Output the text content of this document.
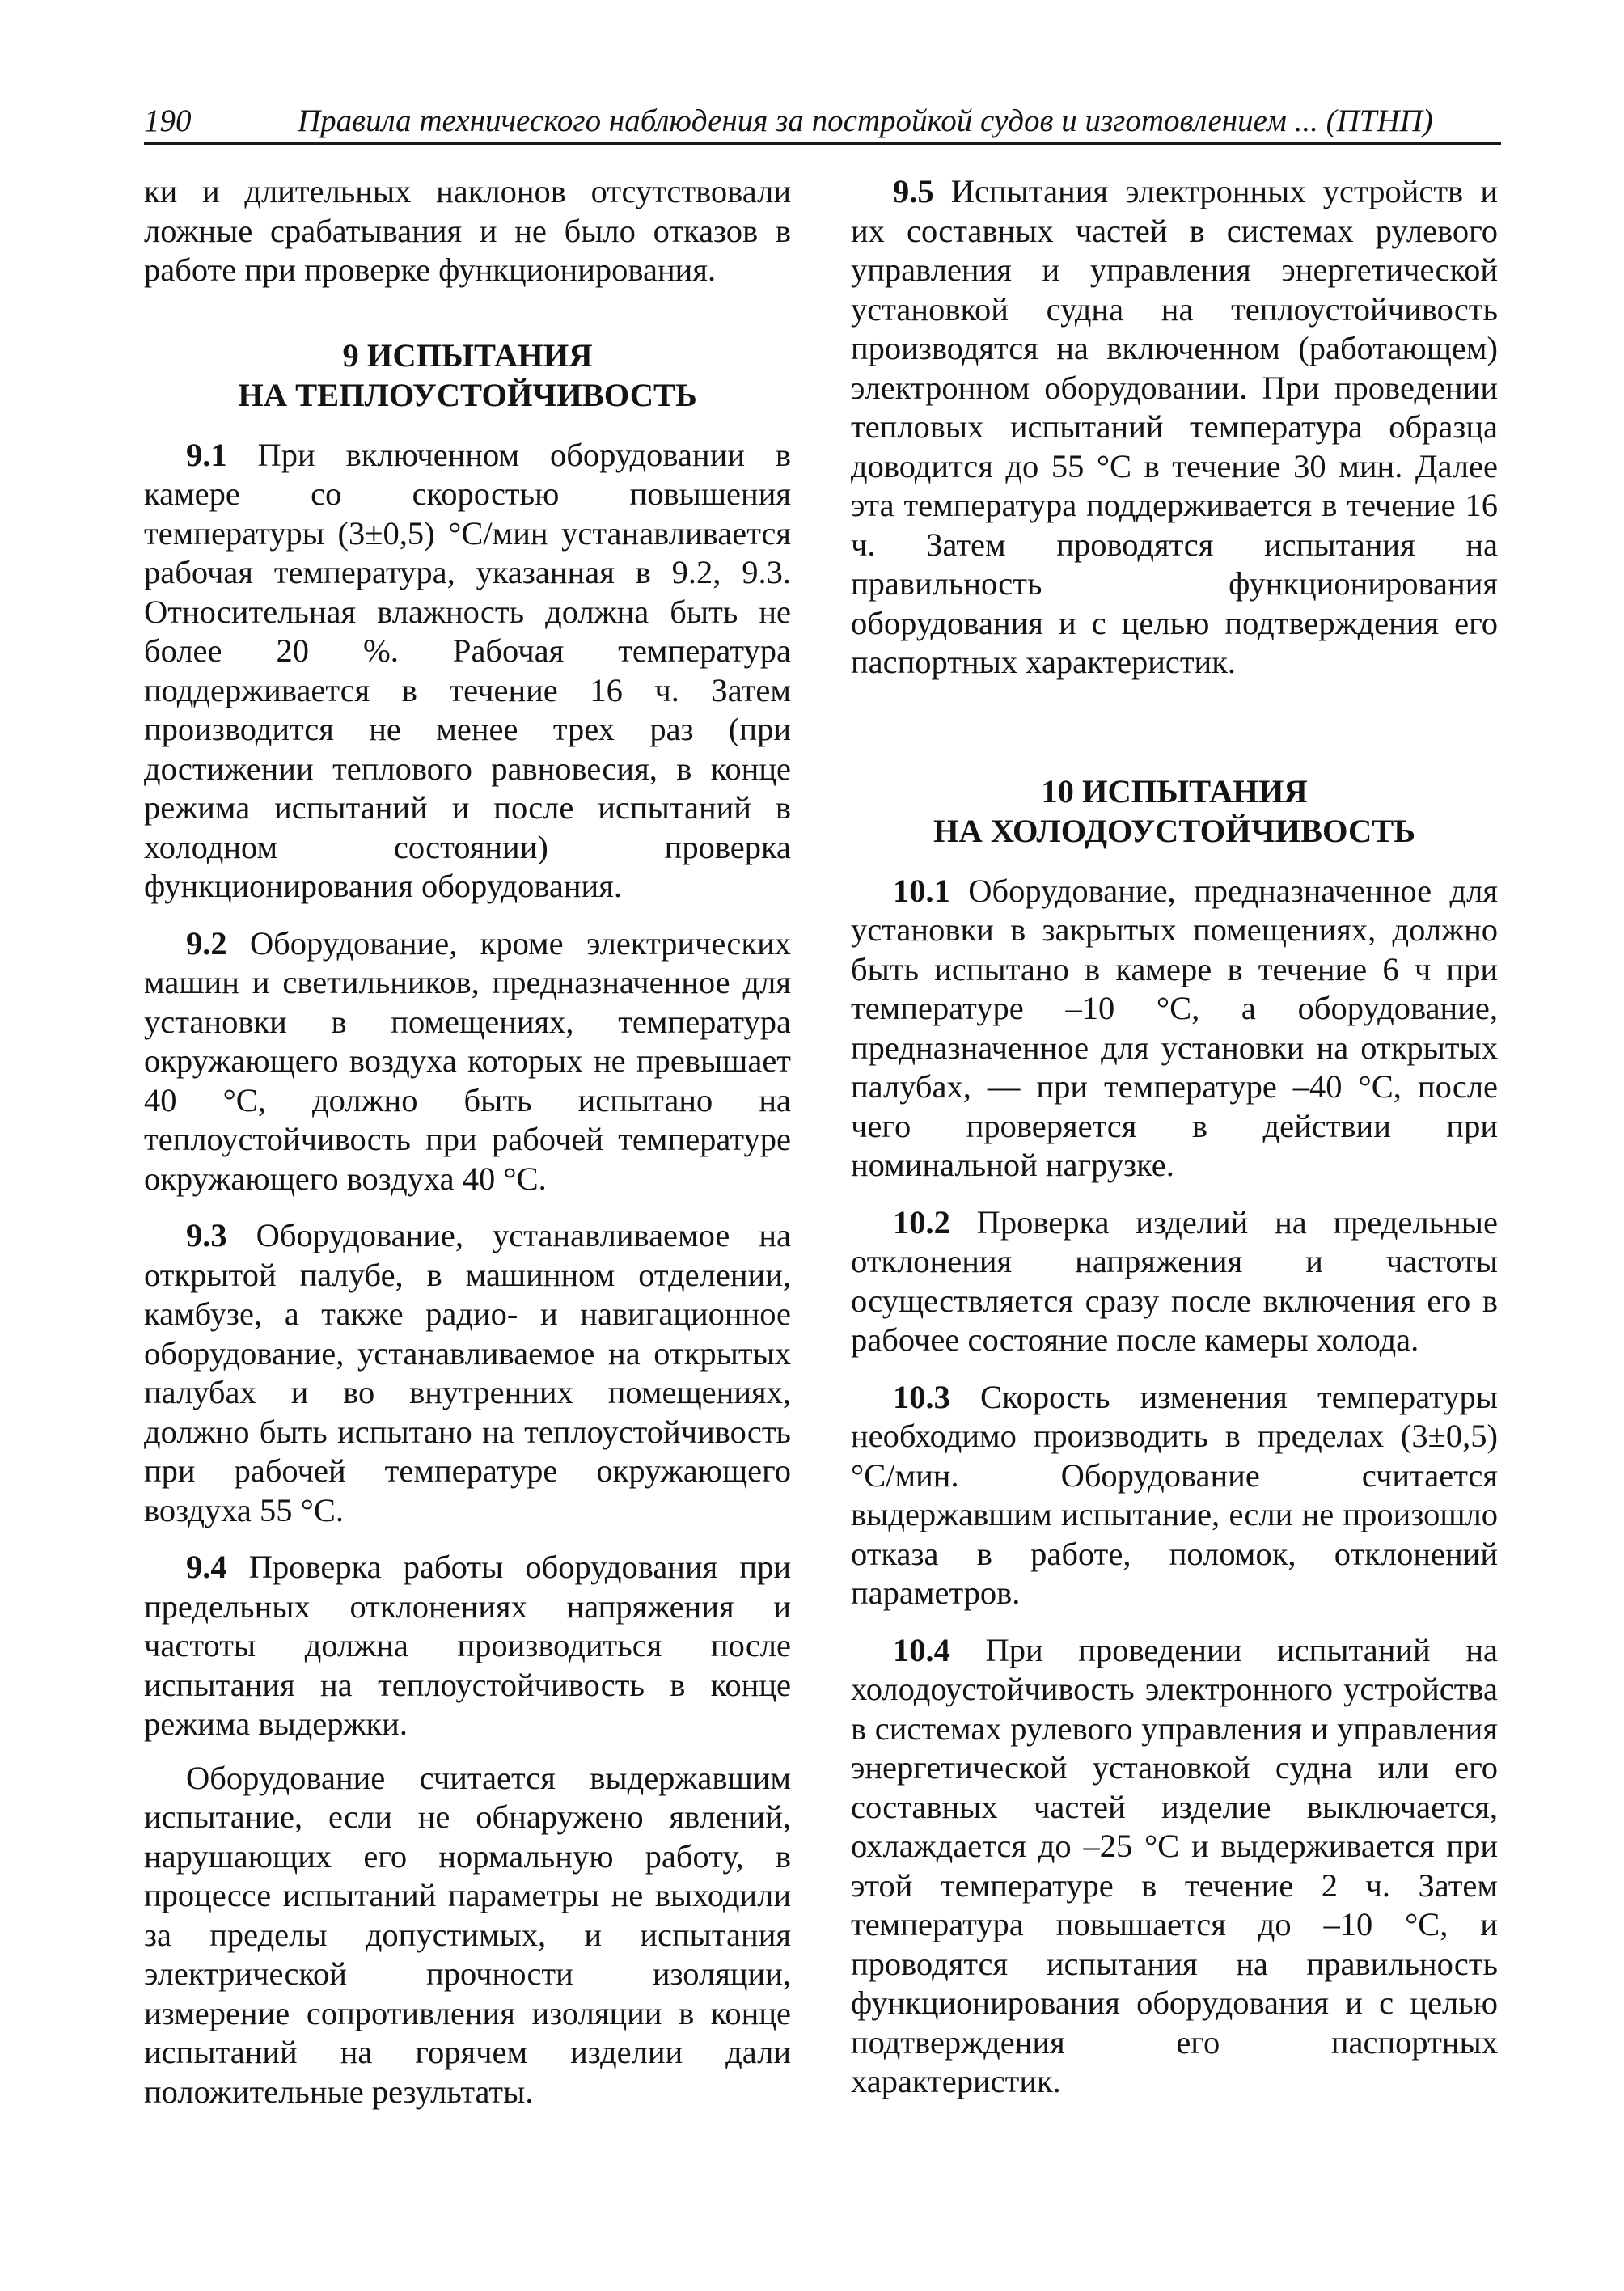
190	Правила технического наблюдения за постройкой судов и изготовлением ... (ПТНП)

ки и длительных наклонов отсутствовали ложные срабатывания и не было отказов в работе при проверке функционирования.

9 ИСПЫТАНИЯ
НА ТЕПЛОУСТОЙЧИВОСТЬ

9.1 При включенном оборудовании в камере со скоростью повышения температуры (3±0,5) °С/мин устанавливается рабочая температура, указанная в 9.2, 9.3. Относительная влажность должна быть не более 20 %. Рабочая температура поддерживается в течение 16 ч. Затем производится не менее трех раз (при достижении теплового равновесия, в конце режима испытаний и после испытаний в холодном состоянии) проверка функционирования оборудования.

9.2 Оборудование, кроме электрических машин и светильников, предназначенное для установки в помещениях, температура окружающего воздуха которых не превышает 40 °С, должно быть испытано на теплоустойчивость при рабочей температуре окружающего воздуха 40 °С.

9.3 Оборудование, устанавливаемое на открытой палубе, в машинном отделении, камбузе, а также радио- и навигационное оборудование, устанавливаемое на открытых палубах и во внутренних помещениях, должно быть испытано на теплоустойчивость при рабочей температуре окружающего воздуха 55 °С.

9.4 Проверка работы оборудования при предельных отклонениях напряжения и частоты должна производиться после испытания на теплоустойчивость в конце режима выдержки.

Оборудование считается выдержавшим испытание, если не обнаружено явлений, нарушающих его нормальную работу, в процессе испытаний параметры не выходили за пределы допустимых, и испытания электрической прочности изоляции, измерение сопротивления изоляции в конце испытаний на горячем изделии дали положительные результаты.

9.5 Испытания электронных устройств и их составных частей в системах рулевого управления и управления энергетической установкой судна на теплоустойчивость производятся на включенном (работающем) электронном оборудовании. При проведении тепловых испытаний температура образца доводится до 55 °С в течение 30 мин. Далее эта температура поддерживается в течение 16 ч. Затем проводятся испытания на правильность функционирования оборудования и с целью подтверждения его паспортных характеристик.

10 ИСПЫТАНИЯ
НА ХОЛОДОУСТОЙЧИВОСТЬ

10.1 Оборудование, предназначенное для установки в закрытых помещениях, должно быть испытано в камере в течение 6 ч при температуре –10 °С, а оборудование, предназначенное для установки на открытых палубах, — при температуре –40 °С, после чего проверяется в действии при номинальной нагрузке.

10.2 Проверка изделий на предельные отклонения напряжения и частоты осуществляется сразу после включения его в рабочее состояние после камеры холода.

10.3 Скорость изменения температуры необходимо производить в пределах (3±0,5) °С/мин. Оборудование считается выдержавшим испытание, если не произошло отказа в работе, поломок, отклонений параметров.

10.4 При проведении испытаний на холодоустойчивость электронного устройства в системах рулевого управления и управления энергетической установкой судна или его составных частей изделие выключается, охлаждается до –25 °С и выдерживается при этой температуре в течение 2 ч. Затем температура повышается до –10 °С, и проводятся испытания на правильность функционирования оборудования и с целью подтверждения его паспортных характеристик.
